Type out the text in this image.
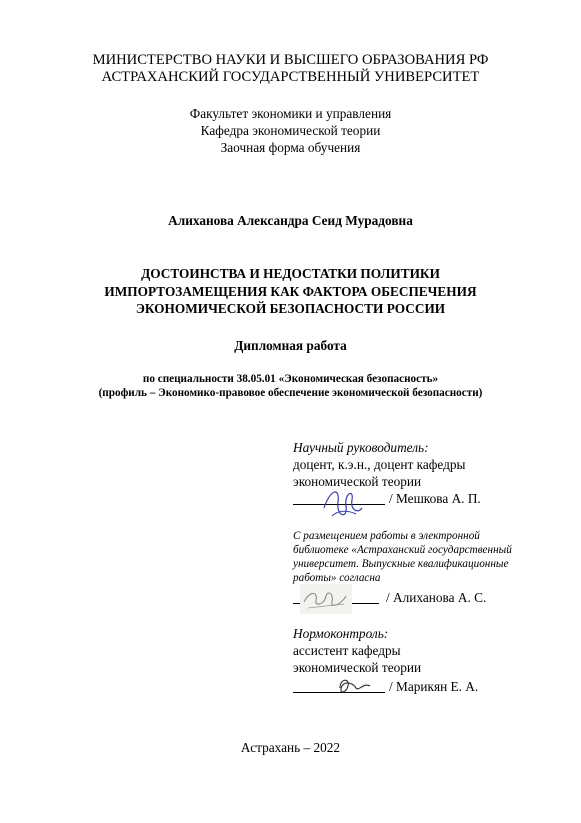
МИНИСТЕРСТВО НАУКИ И ВЫСШЕГО ОБРАЗОВАНИЯ РФ
АСТРАХАНСКИЙ ГОСУДАРСТВЕННЫЙ УНИВЕРСИТЕТ
Факультет экономики и управления
Кафедра экономической теории
Заочная форма обучения
Алиханова Александра Сеид Мурадовна
ДОСТОИНСТВА И НЕДОСТАТКИ ПОЛИТИКИ
ИМПОРТОЗАМЕЩЕНИЯ КАК ФАКТОРА ОБЕСПЕЧЕНИЯ
ЭКОНОМИЧЕСКОЙ БЕЗОПАСНОСТИ РОССИИ
Дипломная работа
по специальности 38.05.01 «Экономическая безопасность»
(профиль – Экономико-правовое обеспечение экономической безопасности)
Научный руководитель:
доцент, к.э.н., доцент кафедры
экономической теории
/ Мешкова А. П.
С размещением работы в электронной
библиотеке «Астраханский государственный
университет. Выпускные квалификационные
работы» согласна
/ Алиханова А. С.
Нормоконтроль:
ассистент кафедры
экономической теории
/ Марикян Е. А.
Астрахань – 2022
